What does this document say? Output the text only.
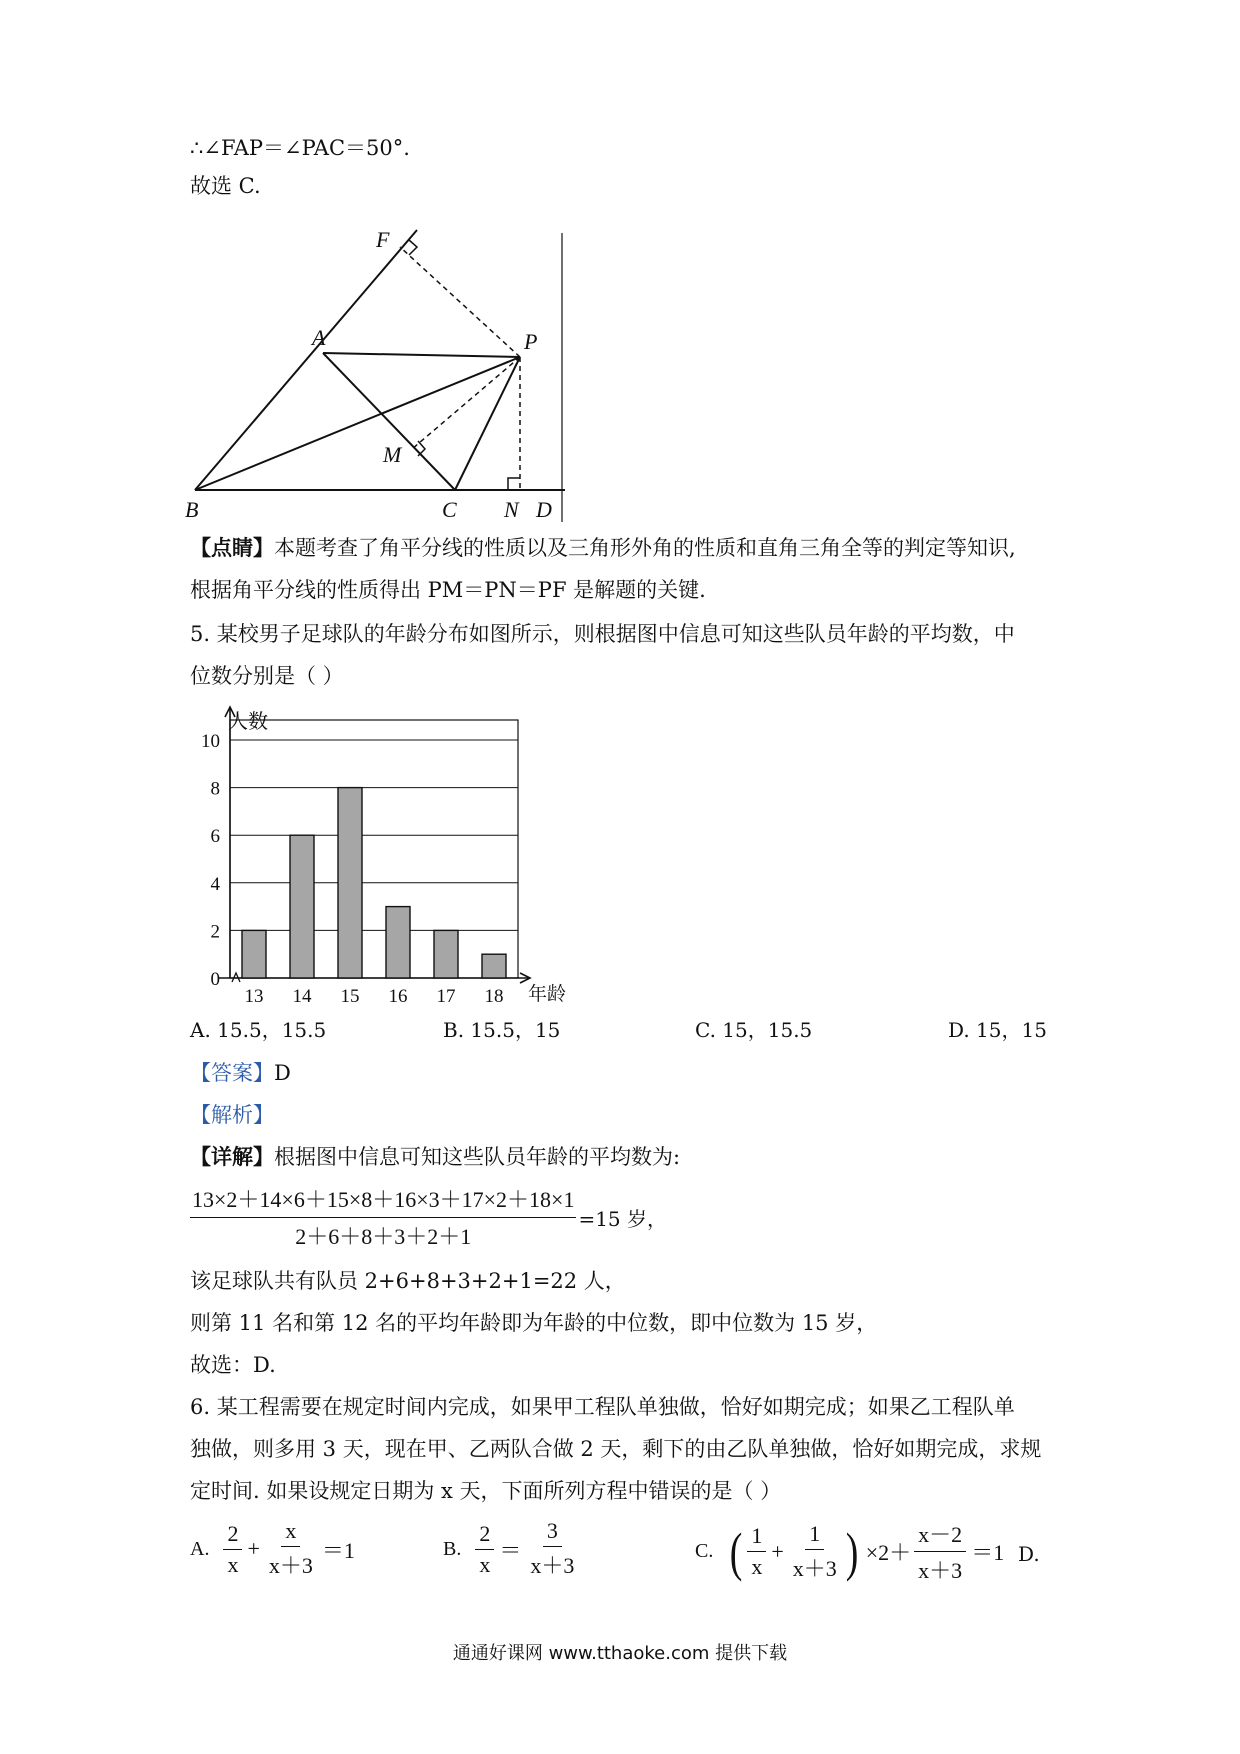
∴∠FAP＝∠PAC＝50°.
故选 C.
F
A	P
M
B	C N D
【点睛】本题考查了角平分线的性质以及三角形外角的性质和直角三角全等的判定等知识,
根据角平分线的性质得出 PM＝PN＝PF 是解题的关键.
5. 某校男子足球队的年龄分布如图所示，则根据图中信息可知这些队员年龄的平均数，中
位数分别是（ ）
人数
年龄
0
2
4
6
8
10
13 14 15 16 17 18
A. 15.5，15.5	B. 15.5，15	C. 15，15.5	D. 15，15
【答案】D
【解析】
【详解】根据图中信息可知这些队员年龄的平均数为:
$\frac{13\times 2+14\times 6+15\times 8+16\times 3+17\times 2+18\times 1}{2+6+8+3+2+1} =15$ 岁，
该足球队共有队员 2+6+8+3+2+1=22 人，
则第 11 名和第 12 名的平均年龄即为年龄的中位数，即中位数为 15 岁，
故选：D.
6. 某工程需要在规定时间内完成，如果甲工程队单独做，恰好如期完成；如果乙工程队单
独做，则多用 3 天，现在甲、乙两队合做 2 天，剩下的由乙队单独做，恰好如期完成，求规
定时间. 如果设规定日期为 x 天，下面所列方程中错误的是（ ）
A. $\frac{2}{x} + \frac{x}{x+3} =1$	B. $\frac{2}{x} = \frac{3}{x+3}$	C. ( $\frac{1}{x} + \frac{1}{x+3}$ ) $\times 2+ \frac{x-2}{x+3} =1$ D.
通通好课网 www.tthaoke.com 提供下载
